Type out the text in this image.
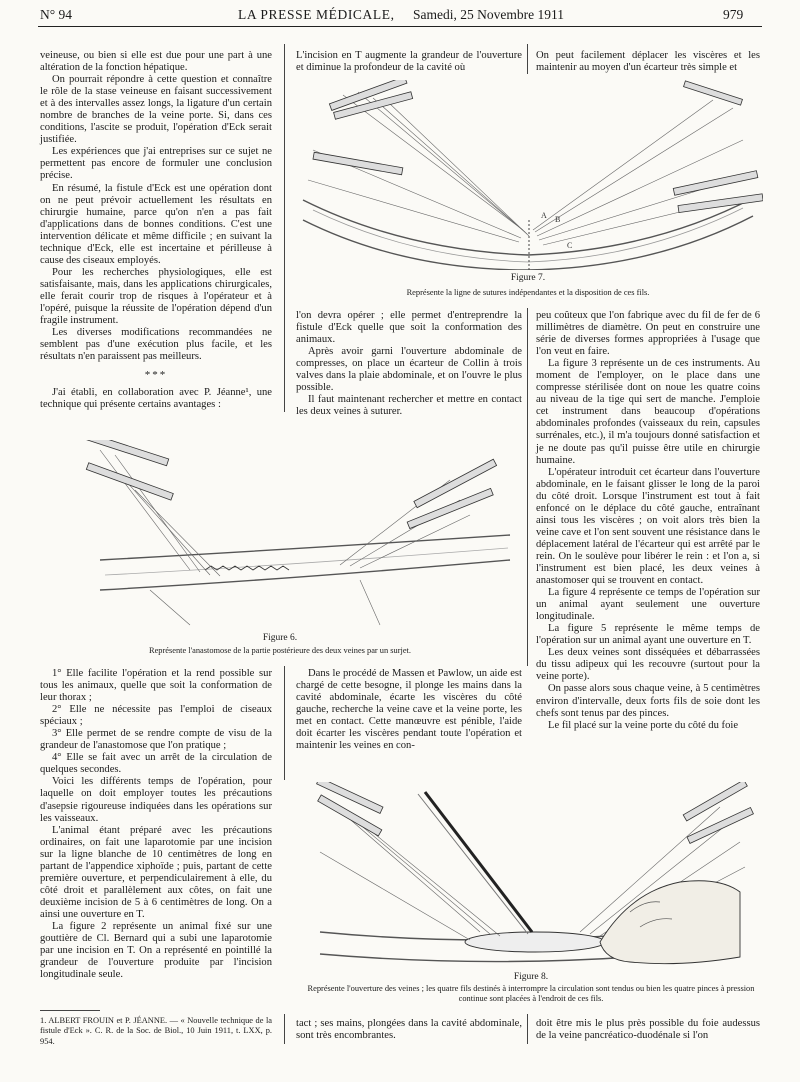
N° 94	LA PRESSE MÉDICALE, Samedi, 25 Novembre 1911	979

veineuse, ou bien si elle est due pour une part à une altération de la fonction hépatique.

On pourrait répondre à cette question et connaître le rôle de la stase veineuse en faisant successivement et à des intervalles assez longs, la ligature d'un certain nombre de branches de la veine porte. Si, dans ces conditions, l'ascite se produit, l'opération d'Eck serait justifiée.

Les expériences que j'ai entreprises sur ce sujet ne permettent pas encore de formuler une conclusion précise.

En résumé, la fistule d'Eck est une opération dont on ne peut prévoir actuellement les résultats en chirurgie humaine, parce qu'on n'en a pas fait d'applications dans de bonnes conditions. C'est une intervention délicate et même difficile ; en suivant la technique d'Eck, elle est incertaine et périlleuse à cause des ciseaux employés.

Pour les recherches physiologiques, elle est satisfaisante, mais, dans les applications chirurgicales, elle ferait courir trop de risques à l'opérateur et à l'opéré, puisque la réussite de l'opération dépend d'un fragile instrument.

Les diverses modifications recommandées ne semblent pas d'une exécution plus facile, et les résultats n'en paraissent pas meilleurs.

***

J'ai établi, en collaboration avec P. Jéanne¹, une technique qui présente certains avantages :

L'incision en T augmente la grandeur de l'ouverture et diminue la profondeur de la cavité où

On peut facilement déplacer les viscères et les maintenir au moyen d'un écarteur très simple et

A B
C
Figure 7.
Représente la ligne de sutures indépendantes et la disposition de ces fils.

l'on devra opérer ; elle permet d'entreprendre la fistule d'Eck quelle que soit la conformation des animaux.

Après avoir garni l'ouverture abdominale de compresses, on place un écarteur de Collin à trois valves dans la plaie abdominale, et on l'ouvre le plus possible.

Il faut maintenant rechercher et mettre en contact les deux veines à suturer.

peu coûteux que l'on fabrique avec du fil de fer de 6 millimètres de diamètre. On peut en construire une série de diverses formes appropriées à l'usage que l'on veut en faire.

La figure 3 représente un de ces instruments. Au moment de l'employer, on le place dans une compresse stérilisée dont on noue les quatre coins au niveau de la tige qui sert de manche. J'emploie cet instrument dans beaucoup d'opérations abdominales profondes (vaisseaux du rein, capsules surrénales, etc.), il m'a toujours donné satisfaction et je ne doute pas qu'il puisse être utile en chirurgie humaine.

L'opérateur introduit cet écarteur dans l'ouverture abdominale, en le faisant glisser le long de la paroi du côté droit. Lorsque l'instrument est tout à fait enfoncé on le déplace du côté gauche, entraînant ainsi tous les viscères ; on voit alors très bien la veine cave et l'on sent souvent une résistance dans le déplacement latéral de l'écarteur qui est arrêté par le rein. On le soulève pour libérer le rein : et l'on a, si l'instrument est bien placé, les deux veines à anastomoser qui se trouvent en contact.

La figure 4 représente ce temps de l'opération sur un animal ayant seulement une ouverture longitudinale.

La figure 5 représente le même temps de l'opération sur un animal ayant une ouverture en T.

Les deux veines sont disséquées et débarrassées du tissu adipeux qui les recouvre (surtout pour la veine porte).

On passe alors sous chaque veine, à 5 centimètres environ d'intervalle, deux forts fils de soie dont les chefs sont tenus par des pinces.

Le fil placé sur la veine porte du côté du foie

Figure 6.
Représente l'anastomose de la partie postérieure des deux veines par un surjet.

1° Elle facilite l'opération et la rend possible sur tous les animaux, quelle que soit la conformation de leur thorax ;

2° Elle ne nécessite pas l'emploi de ciseaux spéciaux ;

3° Elle permet de se rendre compte de visu de la grandeur de l'anastomose que l'on pratique ;

4° Elle se fait avec un arrêt de la circulation de quelques secondes.

Voici les différents temps de l'opération, pour laquelle on doit employer toutes les précautions d'asepsie rigoureuse indiquées dans les opérations sur les vaisseaux.

L'animal étant préparé avec les précautions ordinaires, on fait une laparotomie par une incision sur la ligne blanche de 10 centimètres de long en partant de l'appendice xiphoïde ; puis, partant de cette première ouverture, et perpendiculairement à elle, du côté droit et parallèlement aux côtes, on fait une deuxième incision de 5 à 6 centimètres de long. On a ainsi une ouverture en T.

La figure 2 représente un animal fixé sur une gouttière de Cl. Bernard qui a subi une laparotomie par une incision en T. On a représenté en pointillé la grandeur de l'ouverture produite par l'incision longitudinale seule.

Dans le procédé de Massen et Pawlow, un aide est chargé de cette besogne, il plonge les mains dans la cavité abdominale, écarte les viscères du côté gauche, recherche la veine cave et la veine porte, les met en contact. Cette manœuvre est pénible, l'aide doit écarter les viscères pendant toute l'opération et maintenir les veines en con-

Figure 8.
Représente l'ouverture des veines ; les quatre fils destinés à interrompre la circulation sont tendus ou bien les quatre pinces à pression continue sont placées à l'endroit de ces fils.

1. ALBERT FROUIN et P. JÉANNE. — « Nouvelle technique de la fistule d'Eck ». C. R. de la Soc. de Biol., 10 Juin 1911, t. LXX, p. 954.

tact ; ses mains, plongées dans la cavité abdominale, sont très encombrantes.

doit être mis le plus près possible du foie audessus de la veine pancréatico-duodénale si l'on
